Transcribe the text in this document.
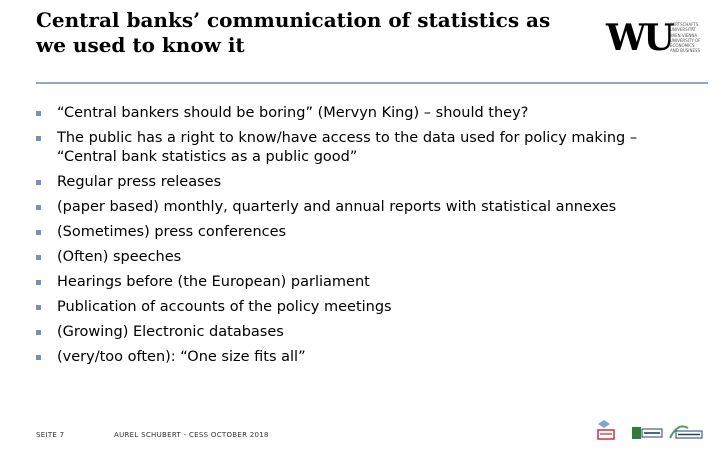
Central banks’ communication of statistics as we used to know it	WU
WIRTSCHAFTS
UNIVERSITÄT
WIEN VIENNA
UNIVERSITY OF
ECONOMICS
AND BUSINESS
“Central bankers should be boring” (Mervyn King) – should they?
The public has a right to know/have access to the data used for policy making – “Central bank statistics as a public good”
Regular press releases
(paper based) monthly, quarterly and annual reports with statistical annexes
(Sometimes) press conferences
(Often) speeches
Hearings before (the European) parliament
Publication of accounts of the policy meetings
(Growing) Electronic databases
(very/too often): “One size fits all”
SEITE 7	AUREL SCHUBERT - CESS OCTOBER 2018
